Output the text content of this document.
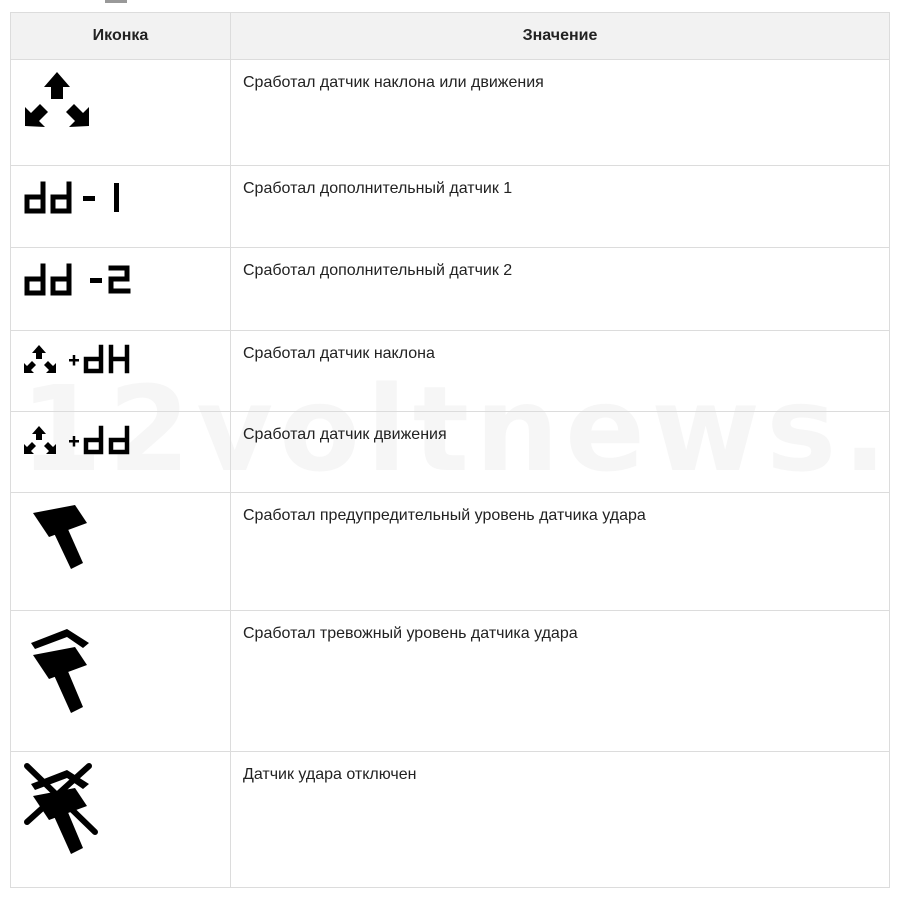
Иконка	Значение

	Сработал датчик наклона или движения

dd - 1	Сработал дополнительный датчик 1

dd -2	Сработал дополнительный датчик 2

+ dH	Сработал датчик наклона

+ dd	Сработал датчик движения

	Сработал предупредительный уровень датчика удара

	Сработал тревожный уровень датчика удара

	Датчик удара отключен
